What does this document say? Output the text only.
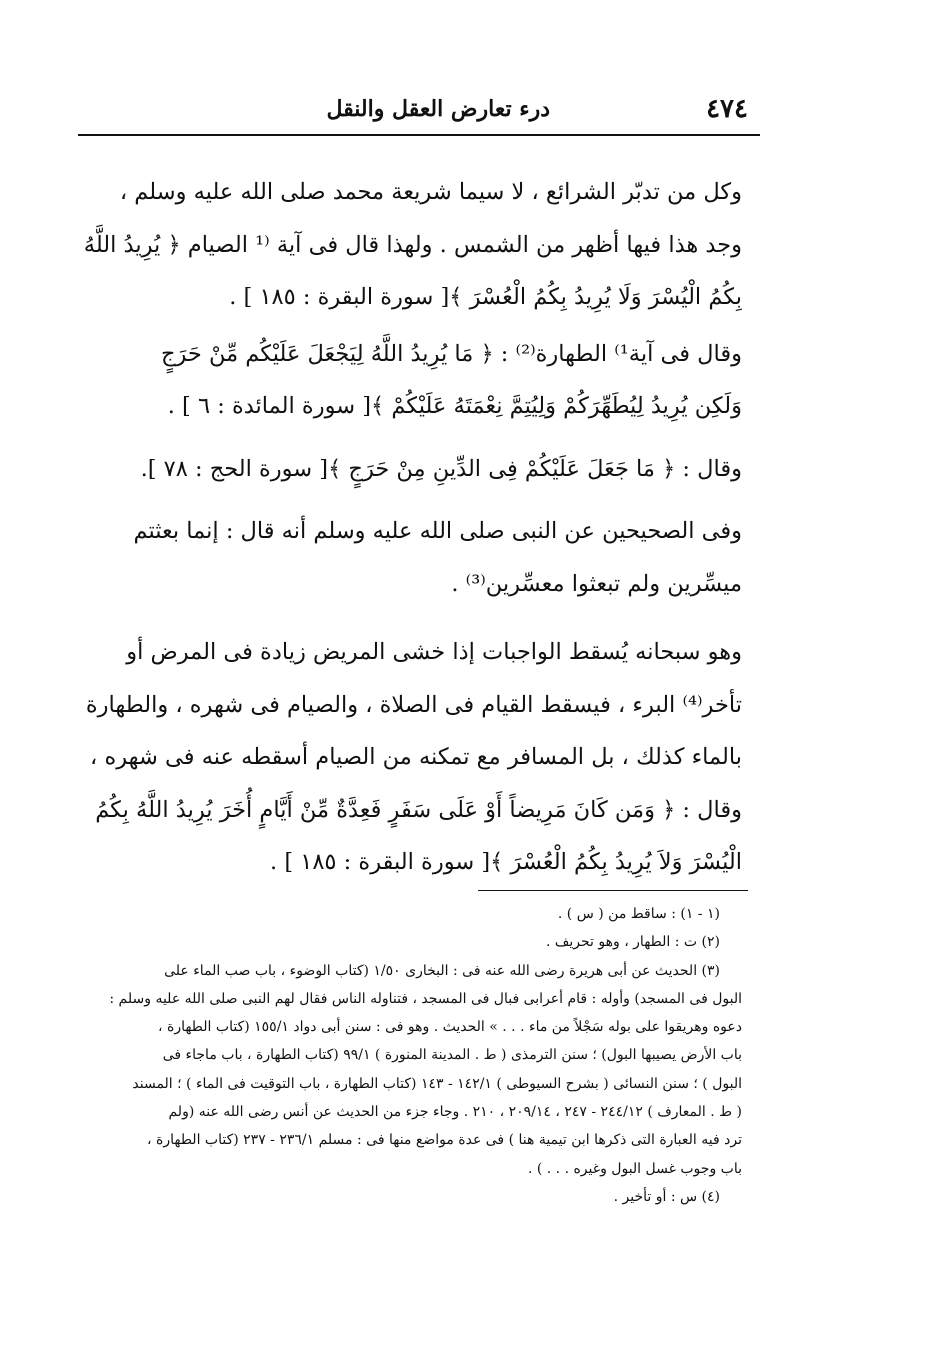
٤٧٤
درء تعارض العقل والنقل
وكل من تدبّر الشرائع ، لا سيما شريعة محمد صلى الله عليه وسلم ،
وجد هذا فيها أظهر من الشمس . ولهذا قال فى آية ⁽¹ الصيام ﴿ يُرِيدُ اللَّهُ
بِكُمُ الْيُسْرَ وَلَا يُرِيدُ بِكُمُ الْعُسْرَ ﴾[ سورة البقرة : ١٨٥ ] .
وقال فى آية¹⁾ الطهارة⁽²⁾ : ﴿ مَا يُرِيدُ اللَّهُ لِيَجْعَلَ عَلَيْكُم مِّنْ حَرَجٍ
وَلَكِن يُرِيدُ لِيُطَهِّرَكُمْ وَلِيُتِمَّ نِعْمَتَهُ عَلَيْكُمْ ﴾[ سورة المائدة : ٦ ] .
وقال : ﴿ مَا جَعَلَ عَلَيْكُمْ فِى الدِّينِ مِنْ حَرَجٍ ﴾[ سورة الحج : ٧٨ ].
وفى الصحيحين عن النبى صلى الله عليه وسلم أنه قال : إنما بعثتم
ميسِّرين ولم تبعثوا معسِّرين⁽³⁾ .
وهو سبحانه يُسقط الواجبات إذا خشى المريض زيادة فى المرض أو
تأخر⁽⁴⁾ البرء ، فيسقط القيام فى الصلاة ، والصيام فى شهره ، والطهارة
بالماء كذلك ، بل المسافر مع تمكنه من الصيام أسقطه عنه فى شهره ،
وقال : ﴿ وَمَن كَانَ مَرِيضاً أَوْ عَلَى سَفَرٍ فَعِدَّةٌ مِّنْ أَيَّامٍ أُخَرَ يُرِيدُ اللَّهُ بِكُمُ
الْيُسْرَ وَلاَ يُرِيدُ بِكُمُ الْعُسْرَ ﴾[ سورة البقرة : ١٨٥ ] .
(١ - ١) : ساقط من ( س ) .
(٢) ت : الطهار ، وهو تحريف .
(٣) الحديث عن أبى هريرة رضى الله عنه فى : البخارى ١/٥٠ (كتاب الوضوء ، باب صب الماء على
البول فى المسجد) وأوله : قام أعرابى فبال فى المسجد ، فتناوله الناس فقال لهم النبى صلى الله عليه وسلم :
دعوه وهريقوا على بوله سَجْلاً من ماء . . . » الحديث . وهو فى : سنن أبى دواد ١٥٥/١ (كتاب الطهارة ،
باب الأرض يصيبها البول) ؛ سنن الترمذى ( ط . المدينة المنورة ) ٩٩/١ (كتاب الطهارة ، باب ماجاء فى
البول ) ؛ سنن النسائى ( بشرح السيوطى ) ١٤٢/١ - ١٤٣ (كتاب الطهارة ، باب التوقيت فى الماء ) ؛ المسند
( ط . المعارف ) ٢٤٤/١٢ - ٢٤٧ ، ٢٠٩/١٤ ، ٢١٠ . وجاء جزء من الحديث عن أنس رضى الله عنه (ولم
ترد فيه العبارة التى ذكرها ابن تيمية هنا ) فى عدة مواضع منها فى : مسلم ٢٣٦/١ - ٢٣٧ (كتاب الطهارة ،
باب وجوب غسل البول وغيره . . . ) .
(٤) س : أو تأخير .
